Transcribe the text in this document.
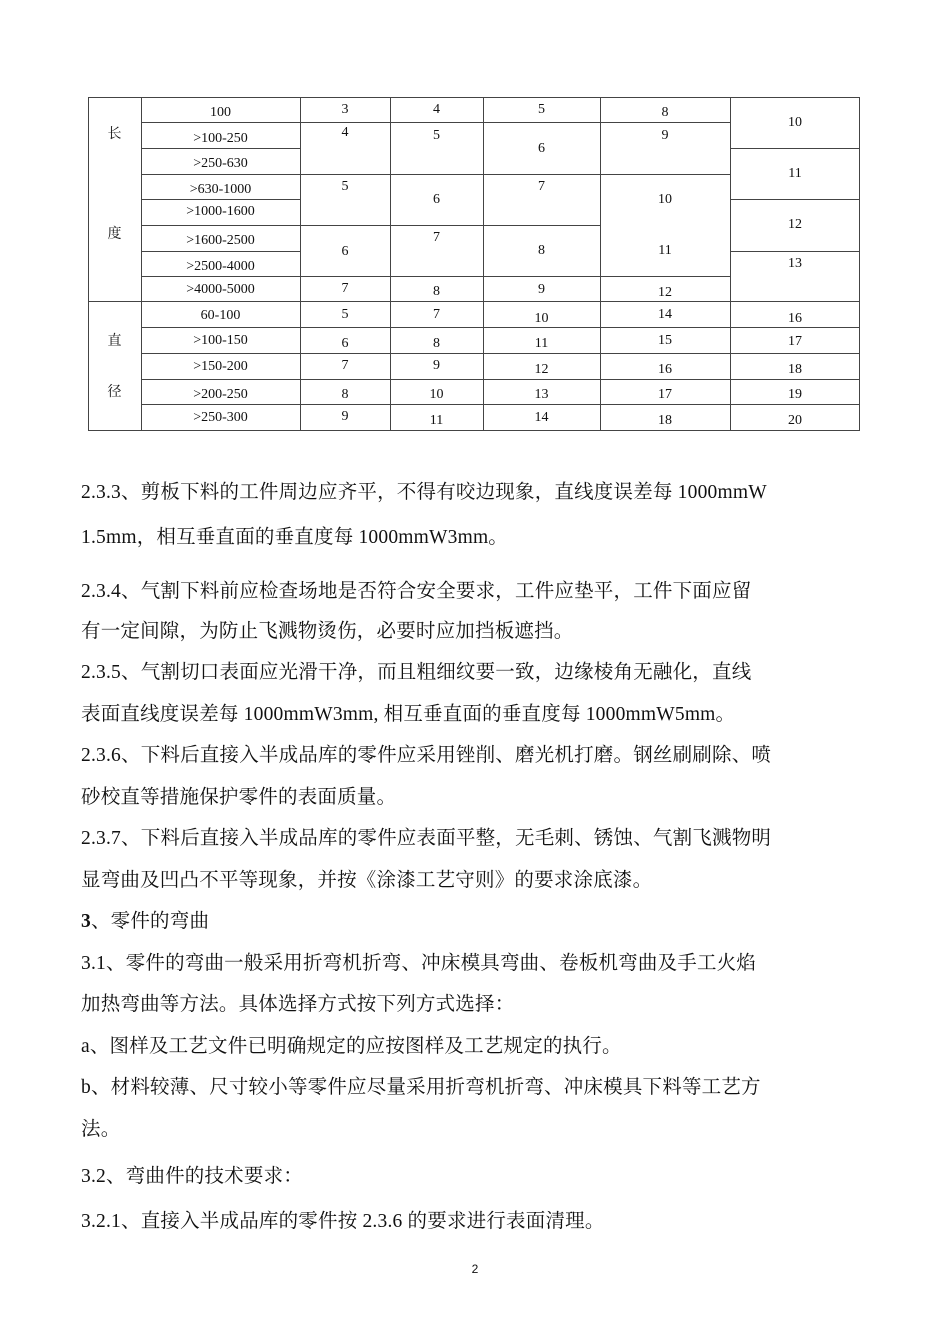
长
度
直
径
100
>100-250
>250-630
>630-1000
>1000-1600
>1600-2500
>2500-4000
>4000-5000
60-100
>100-150
>150-200
>200-250
>250-300
3
4
5
6
7
5
6
7
8
9
4
5
6
7
8
7
8
9
10
11
5
6
7
8
9
10
11
12
13
14
8
9
10
11
12
14
15
16
17
18
10
11
12
13
16
17
18
19
20
2.3.3、剪板下料的工件周边应齐平，不得有咬边现象，直线度误差每 1000mmW
1.5mm，相互垂直面的垂直度每 1000mmW3mm。
2.3.4、气割下料前应检查场地是否符合安全要求，工件应垫平，工件下面应留
有一定间隙，为防止飞溅物烫伤，必要时应加挡板遮挡。
2.3.5、气割切口表面应光滑干净，而且粗细纹要一致，边缘棱角无融化，直线
表面直线度误差每 1000mmW3mm, 相互垂直面的垂直度每 1000mmW5mm。
2.3.6、下料后直接入半成品库的零件应采用锉削、磨光机打磨。钢丝刷刷除、喷
砂校直等措施保护零件的表面质量。
2.3.7、下料后直接入半成品库的零件应表面平整，无毛刺、锈蚀、气割飞溅物明
显弯曲及凹凸不平等现象，并按《涂漆工艺守则》的要求涂底漆。
3、零件的弯曲
3.1、零件的弯曲一般采用折弯机折弯、冲床模具弯曲、卷板机弯曲及手工火焰
加热弯曲等方法。具体选择方式按下列方式选择：
a、图样及工艺文件已明确规定的应按图样及工艺规定的执行。
b、材料较薄、尺寸较小等零件应尽量采用折弯机折弯、冲床模具下料等工艺方
法。
3.2、弯曲件的技术要求：
3.2.1、直接入半成品库的零件按 2.3.6 的要求进行表面清理。
2
